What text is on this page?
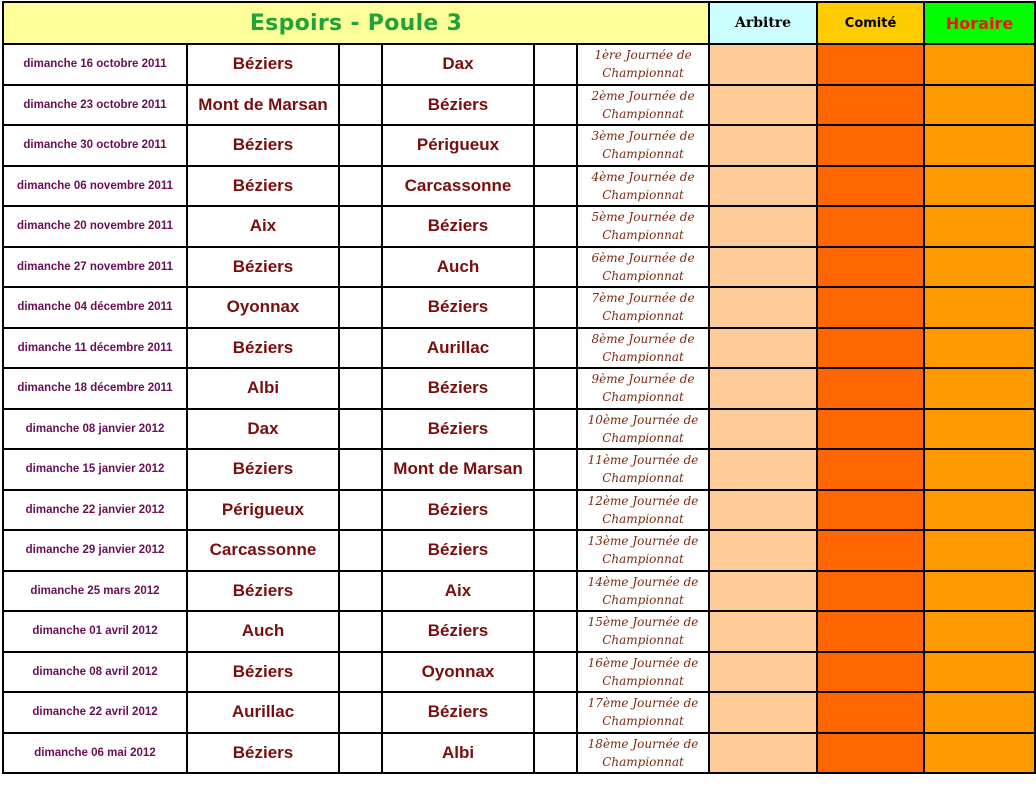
Espoirs - Poule 3						Arbitre	Comité	Horaire
dimanche 16 octobre 2011	Béziers		Dax		1ère Journée de
Championnat			
dimanche 23 octobre 2011	Mont de Marsan		Béziers		2ème Journée de
Championnat			
dimanche 30 octobre 2011	Béziers		Périgueux		3ème Journée de
Championnat			
dimanche 06 novembre 2011	Béziers		Carcassonne		4ème Journée de
Championnat			
dimanche 20 novembre 2011	Aix		Béziers		5ème Journée de
Championnat			
dimanche 27 novembre 2011	Béziers		Auch		6ème Journée de
Championnat			
dimanche 04 décembre 2011	Oyonnax		Béziers		7ème Journée de
Championnat			
dimanche 11 décembre 2011	Béziers		Aurillac		8ème Journée de
Championnat			
dimanche 18 décembre 2011	Albi		Béziers		9ème Journée de
Championnat			
dimanche 08 janvier 2012	Dax		Béziers		10ème Journée de
Championnat			
dimanche 15 janvier 2012	Béziers		Mont de Marsan		11ème Journée de
Championnat			
dimanche 22 janvier 2012	Périgueux		Béziers		12ème Journée de
Championnat			
dimanche 29 janvier 2012	Carcassonne		Béziers		13ème Journée de
Championnat			
dimanche 25 mars 2012	Béziers		Aix		14ème Journée de
Championnat			
dimanche 01 avril 2012	Auch		Béziers		15ème Journée de
Championnat			
dimanche 08 avril 2012	Béziers		Oyonnax		16ème Journée de
Championnat			
dimanche 22 avril 2012	Aurillac		Béziers		17ème Journée de
Championnat			
dimanche 06 mai 2012	Béziers		Albi		18ème Journée de
Championnat			
